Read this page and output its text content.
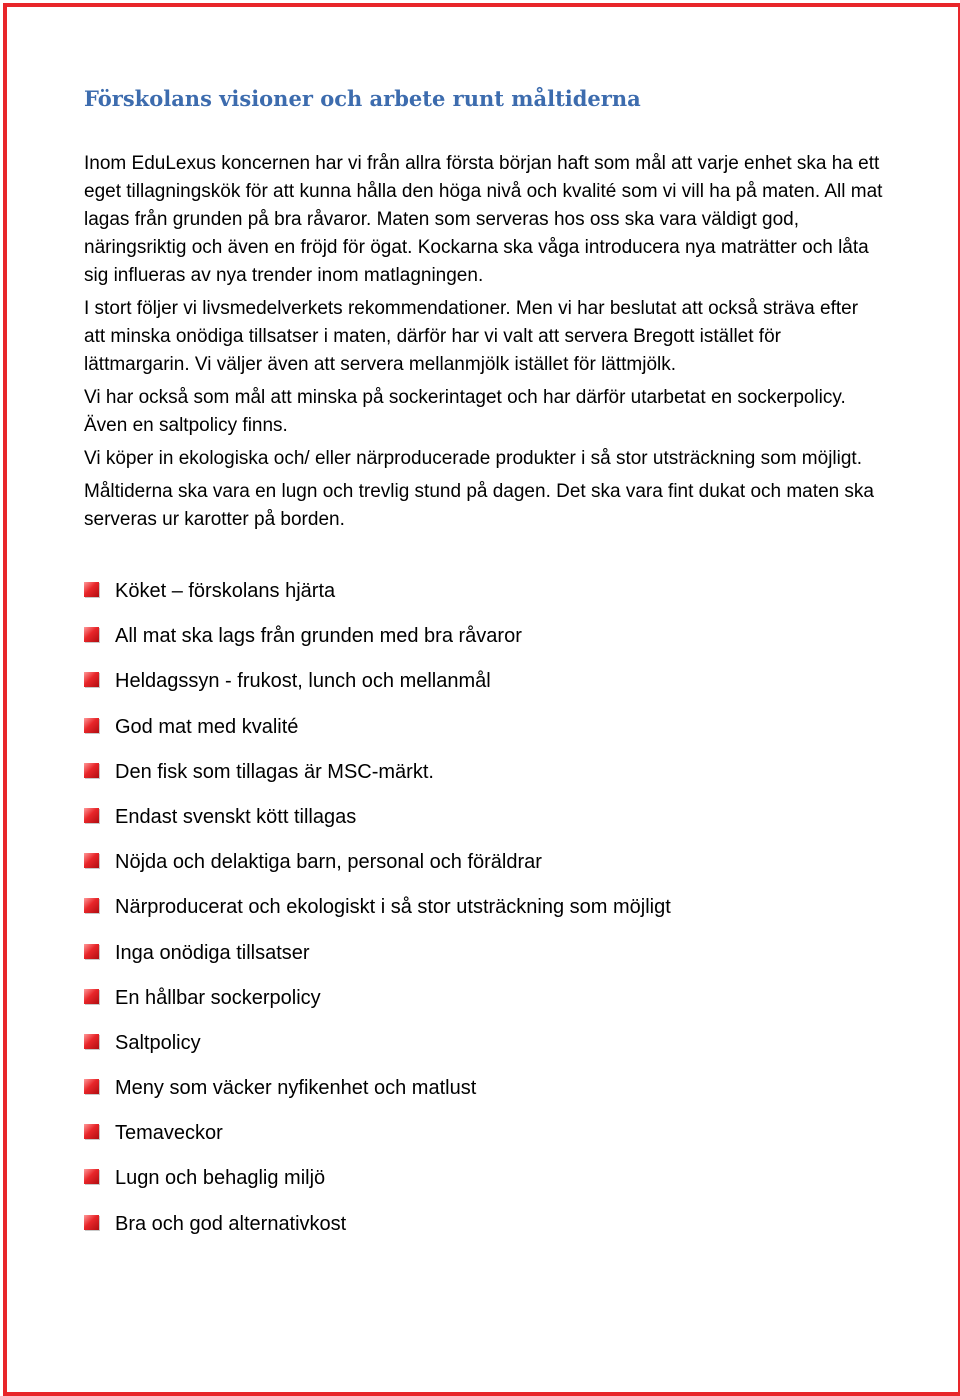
Förskolans visioner och arbete runt måltiderna

Inom EduLexus koncernen har vi från allra första början haft som mål att varje enhet ska ha ett eget tillagningskök för att kunna hålla den höga nivå och kvalité som vi vill ha på maten. All mat lagas från grunden på bra råvaror. Maten som serveras hos oss ska vara väldigt god, näringsriktig och även en fröjd för ögat. Kockarna ska våga introducera nya maträtter och låta sig influeras av nya trender inom matlagningen.

I stort följer vi livsmedelverkets rekommendationer. Men vi har beslutat att också sträva efter att minska onödiga tillsatser i maten, därför har vi valt att servera Bregott istället för lättmargarin. Vi väljer även att servera mellanmjölk istället för lättmjölk.

Vi har också som mål att minska på sockerintaget och har därför utarbetat en sockerpolicy. Även en saltpolicy finns.

Vi köper in ekologiska och/ eller närproducerade produkter i så stor utsträckning som möjligt.

Måltiderna ska vara en lugn och trevlig stund på dagen. Det ska vara fint dukat och maten ska serveras ur karotter på borden.

Köket – förskolans hjärta
All mat ska lags från grunden med bra råvaror
Heldagssyn - frukost, lunch och mellanmål
God mat med kvalité
Den fisk som tillagas är MSC-märkt.
Endast svenskt kött tillagas
Nöjda och delaktiga barn, personal och föräldrar
Närproducerat och ekologiskt i så stor utsträckning som möjligt
Inga onödiga tillsatser
En hållbar sockerpolicy
Saltpolicy
Meny som väcker nyfikenhet och matlust
Temaveckor
Lugn och behaglig miljö
Bra och god alternativkost
